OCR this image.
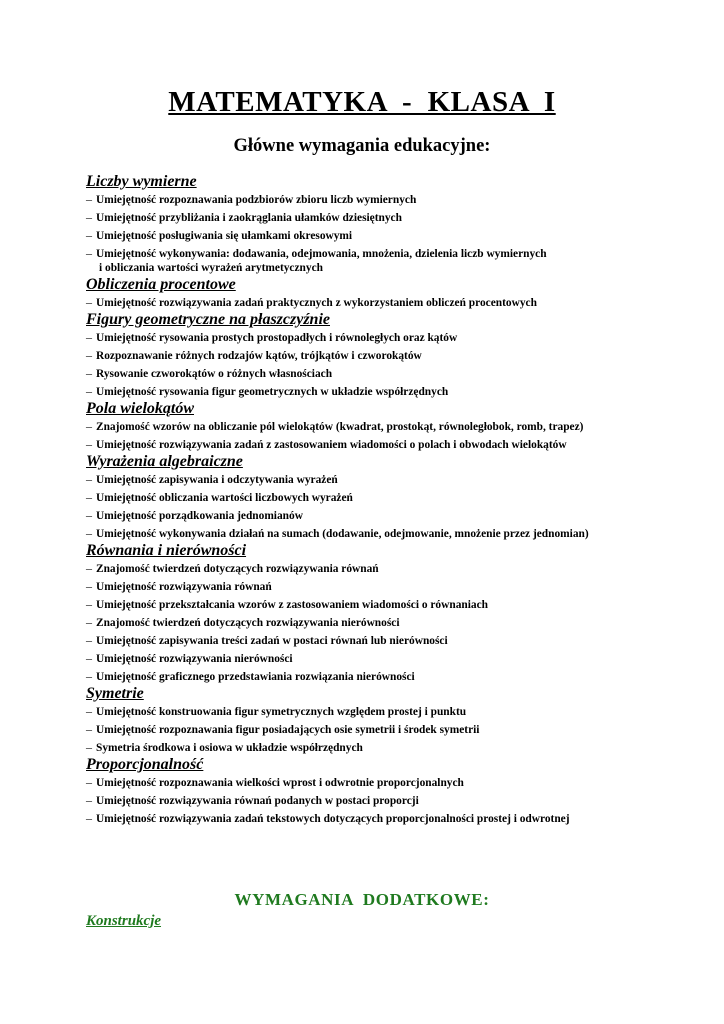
MATEMATYKA  -  KLASA  I
Główne wymagania edukacyjne:
Liczby wymierne
– Umiejętność rozpoznawania podzbiorów zbioru liczb wymiernych
– Umiejętność przybliżania i zaokrąglania ułamków dziesiętnych
– Umiejętność posługiwania się ułamkami okresowymi
– Umiejętność wykonywania: dodawania, odejmowania, mnożenia, dzielenia liczb wymiernych
i obliczania wartości wyrażeń arytmetycznych
Obliczenia procentowe
– Umiejętność rozwiązywania zadań praktycznych z wykorzystaniem obliczeń procentowych
Figury geometryczne na płaszczyźnie
– Umiejętność rysowania prostych prostopadłych i równoległych oraz kątów
– Rozpoznawanie różnych rodzajów kątów, trójkątów i czworokątów
– Rysowanie czworokątów o różnych własnościach
– Umiejętność rysowania figur geometrycznych w układzie współrzędnych
Pola wielokątów
– Znajomość wzorów na obliczanie pól wielokątów (kwadrat, prostokąt, równoległobok, romb, trapez)
– Umiejętność rozwiązywania zadań z zastosowaniem wiadomości o polach i obwodach wielokątów
Wyrażenia algebraiczne
– Umiejętność zapisywania i odczytywania wyrażeń
– Umiejętność obliczania wartości liczbowych wyrażeń
– Umiejętność porządkowania jednomianów
– Umiejętność wykonywania działań na sumach (dodawanie, odejmowanie, mnożenie przez jednomian)
Równania i nierówności
– Znajomość twierdzeń dotyczących rozwiązywania równań
– Umiejętność rozwiązywania równań
– Umiejętność przekształcania wzorów z zastosowaniem wiadomości o równaniach
– Znajomość twierdzeń dotyczących rozwiązywania nierówności
– Umiejętność zapisywania treści zadań w postaci równań lub nierówności
– Umiejętność rozwiązywania nierówności
– Umiejętność graficznego przedstawiania rozwiązania nierówności
Symetrie
– Umiejętność konstruowania figur symetrycznych względem prostej i punktu
– Umiejętność rozpoznawania figur posiadających osie symetrii i środek symetrii
– Symetria środkowa i osiowa w układzie współrzędnych
Proporcjonalność
– Umiejętność rozpoznawania wielkości wprost i odwrotnie proporcjonalnych
– Umiejętność rozwiązywania równań podanych w postaci proporcji
– Umiejętność rozwiązywania zadań tekstowych dotyczących proporcjonalności prostej i odwrotnej
WYMAGANIA  DODATKOWE:
Konstrukcje
